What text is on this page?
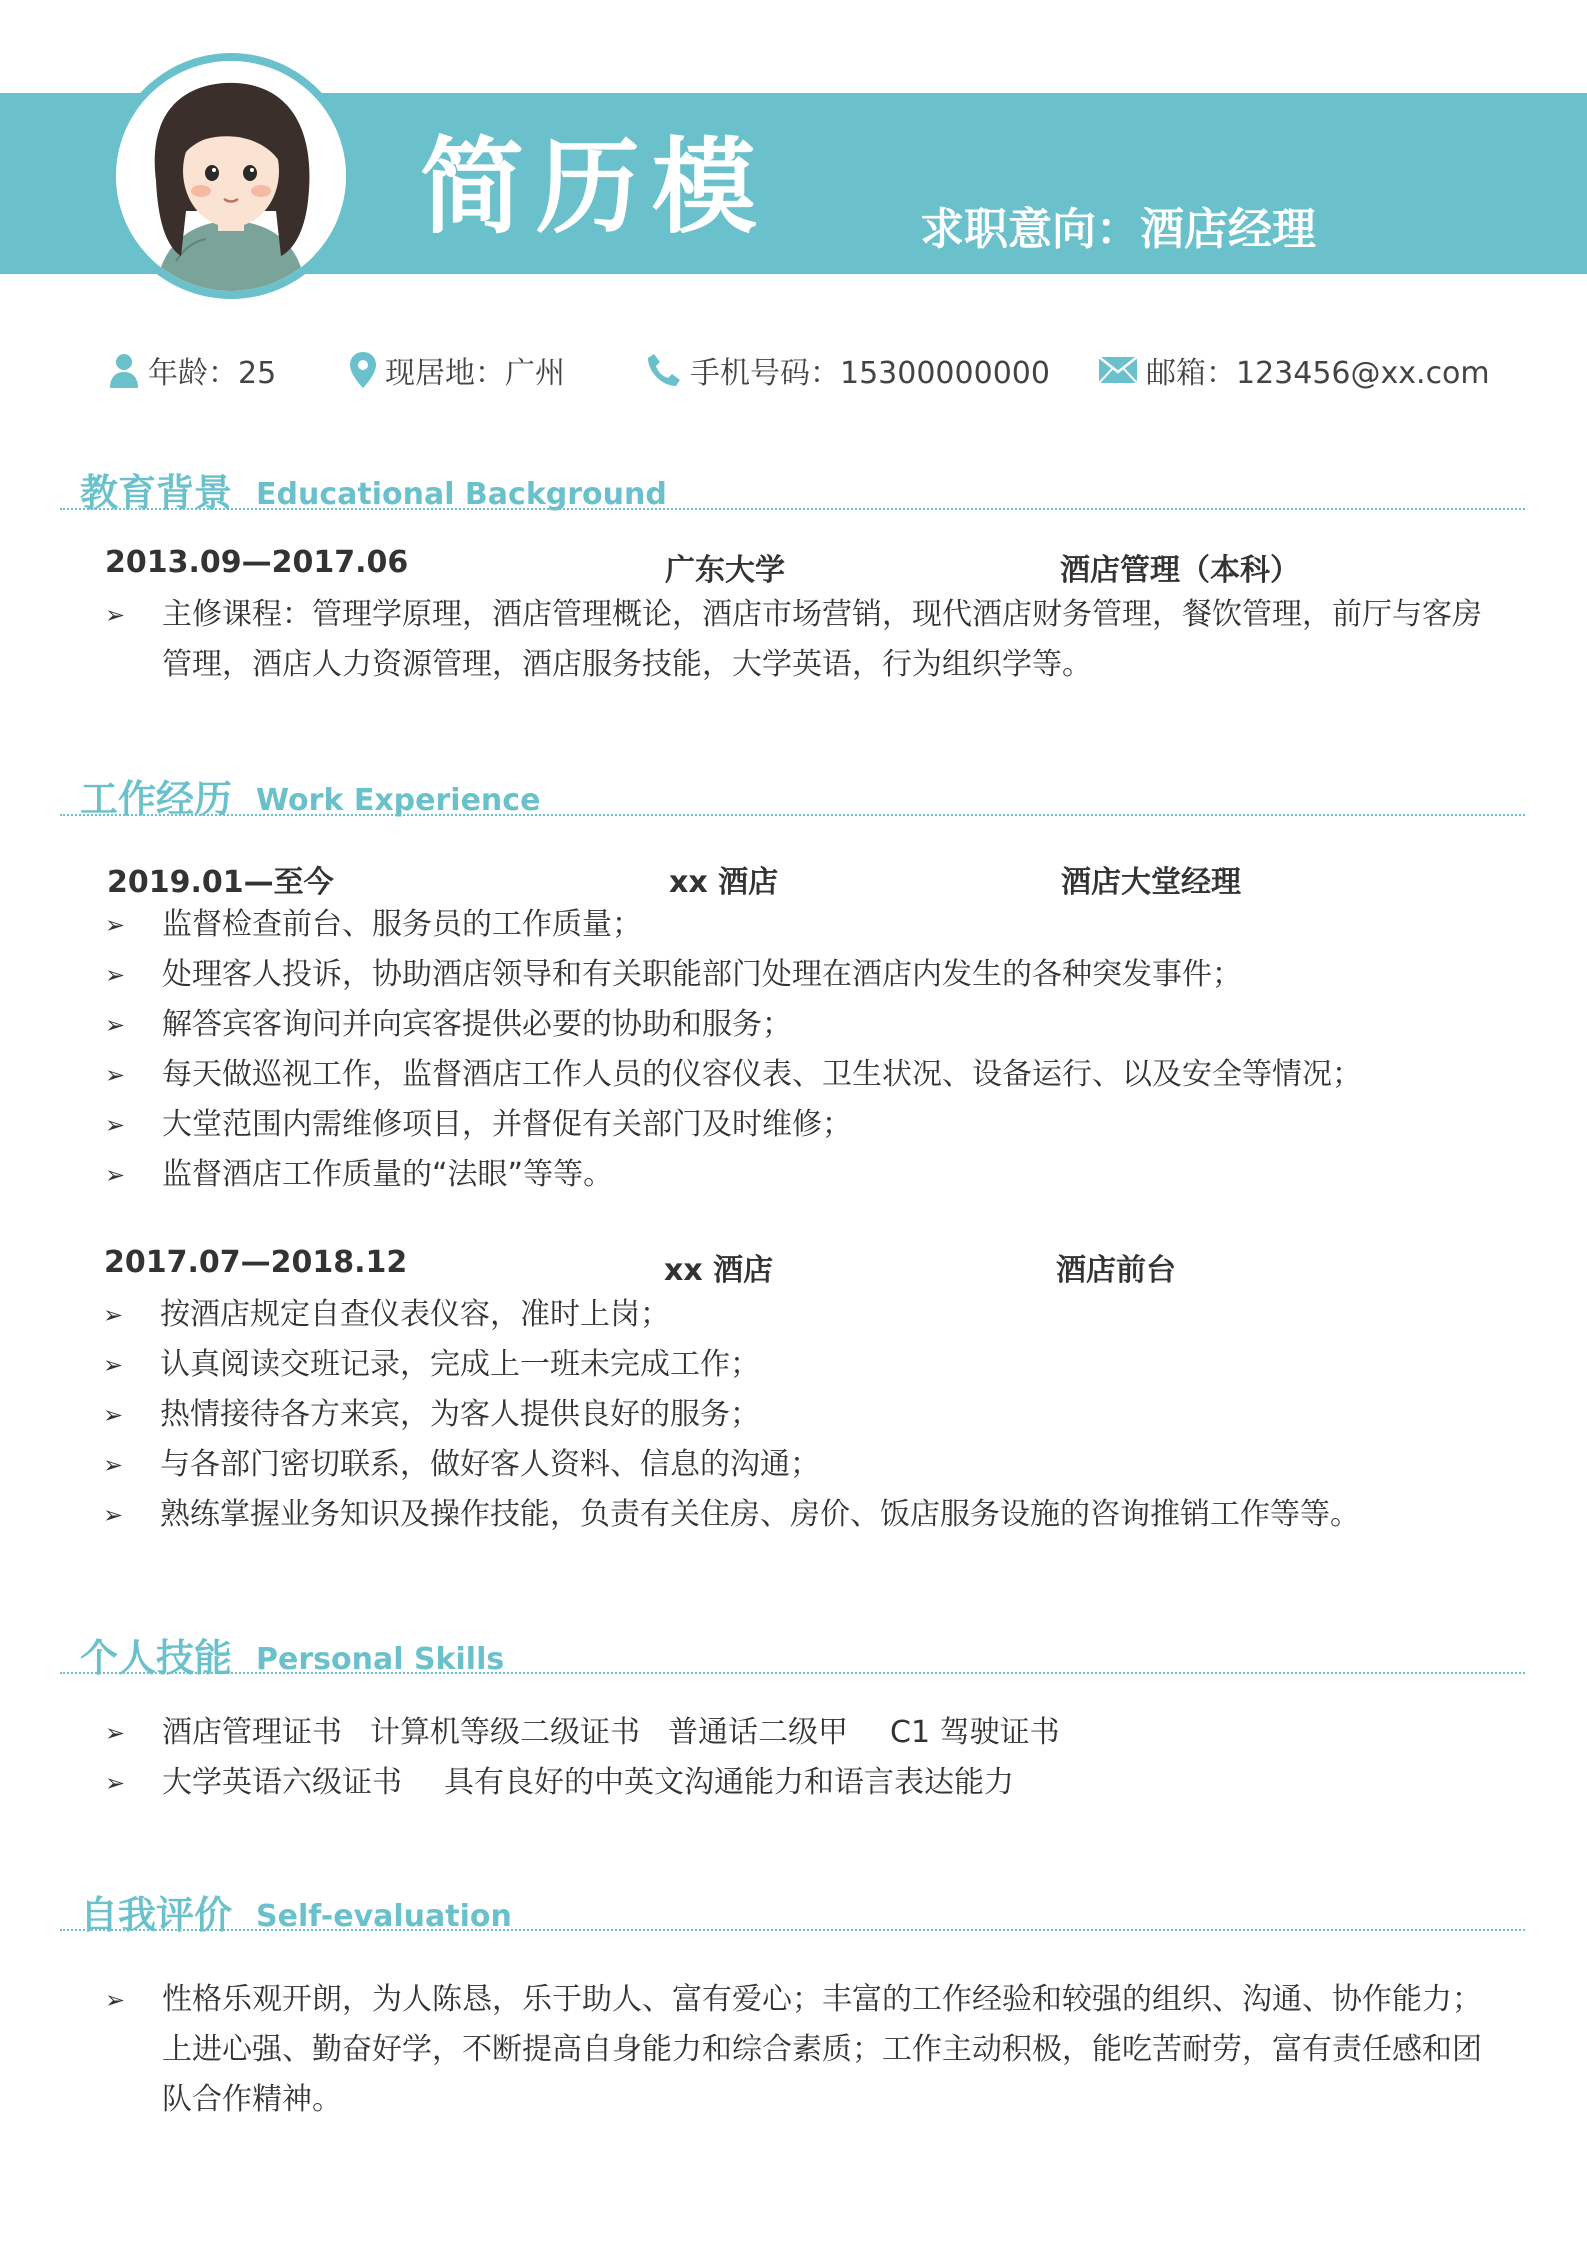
简历模	求职意向：酒店经理
年龄：25	现居地：广州	手机号码：15300000000	邮箱：123456@xx.com
教育背景 Educational Background
2013.09—2017.06	广东大学	酒店管理（本科）
➢ 主修课程：管理学原理，酒店管理概论，酒店市场营销，现代酒店财务管理，餐饮管理，前厅与客房管理，酒店人力资源管理，酒店服务技能，大学英语，行为组织学等。
工作经历 Work Experience
2019.01—至今	xx 酒店	酒店大堂经理
➢ 监督检查前台、服务员的工作质量；
➢ 处理客人投诉，协助酒店领导和有关职能部门处理在酒店内发生的各种突发事件；
➢ 解答宾客询问并向宾客提供必要的协助和服务；
➢ 每天做巡视工作，监督酒店工作人员的仪容仪表、卫生状况、设备运行、以及安全等情况；
➢ 大堂范围内需维修项目，并督促有关部门及时维修；
➢ 监督酒店工作质量的“法眼”等等。
2017.07—2018.12	xx 酒店	酒店前台
➢ 按酒店规定自查仪表仪容，准时上岗；
➢ 认真阅读交班记录，完成上一班未完成工作；
➢ 热情接待各方来宾，为客人提供良好的服务；
➢ 与各部门密切联系，做好客人资料、信息的沟通；
➢ 熟练掌握业务知识及操作技能，负责有关住房、房价、饭店服务设施的咨询推销工作等等。
个人技能 Personal Skills
➢ 酒店管理证书 计算机等级二级证书 普通话二级甲 C1 驾驶证书
➢ 大学英语六级证书 具有良好的中英文沟通能力和语言表达能力
自我评价 Self-evaluation
➢ 性格乐观开朗，为人陈恳，乐于助人、富有爱心；丰富的工作经验和较强的组织、沟通、协作能力；上进心强、勤奋好学，不断提高自身能力和综合素质；工作主动积极，能吃苦耐劳，富有责任感和团队合作精神。
